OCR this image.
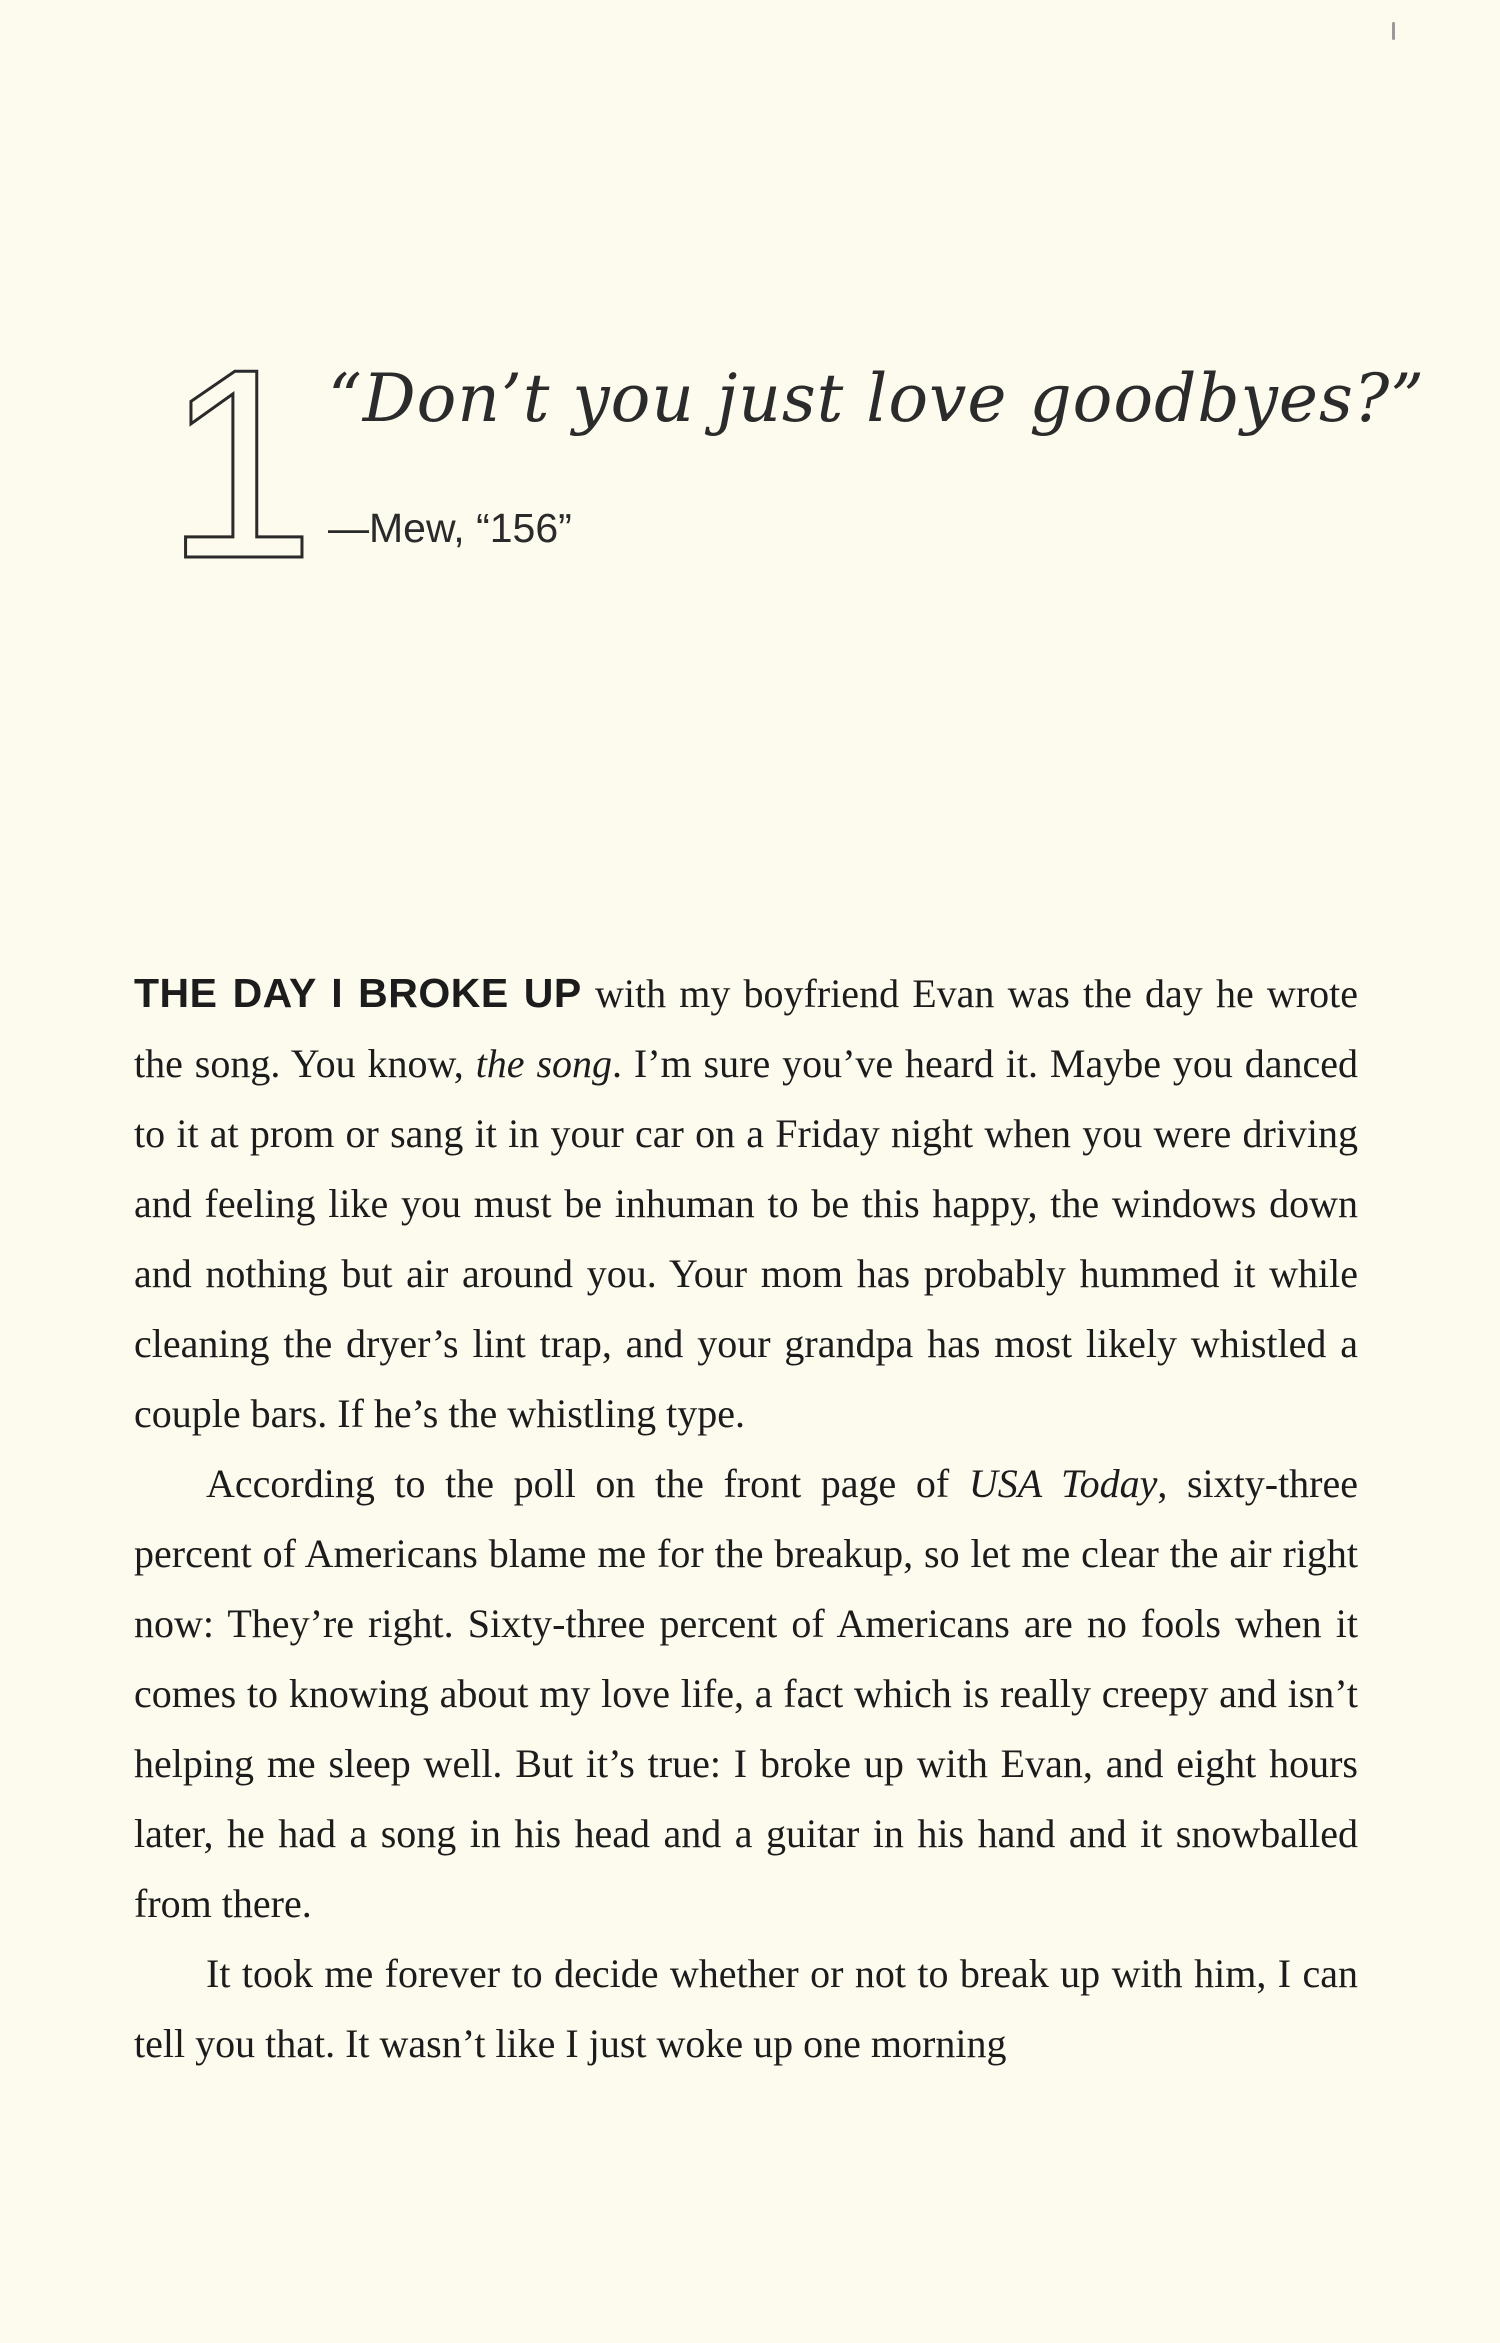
1 “Don’t you just love goodbyes?”
—Mew, “156”

THE DAY I BROKE UP with my boyfriend Evan was the day he wrote the song. You know, the song. I’m sure you’ve heard it. Maybe you danced to it at prom or sang it in your car on a Friday night when you were driving and feeling like you must be inhuman to be this happy, the windows down and nothing but air around you. Your mom has probably hummed it while cleaning the dryer’s lint trap, and your grandpa has most likely whistled a couple bars. If he’s the whistling type.

According to the poll on the front page of USA Today, sixty-three percent of Americans blame me for the breakup, so let me clear the air right now: They’re right. Sixty-three percent of Americans are no fools when it comes to knowing about my love life, a fact which is really creepy and isn’t helping me sleep well. But it’s true: I broke up with Evan, and eight hours later, he had a song in his head and a guitar in his hand and it snowballed from there.

It took me forever to decide whether or not to break up with him, I can tell you that. It wasn’t like I just woke up one morning
